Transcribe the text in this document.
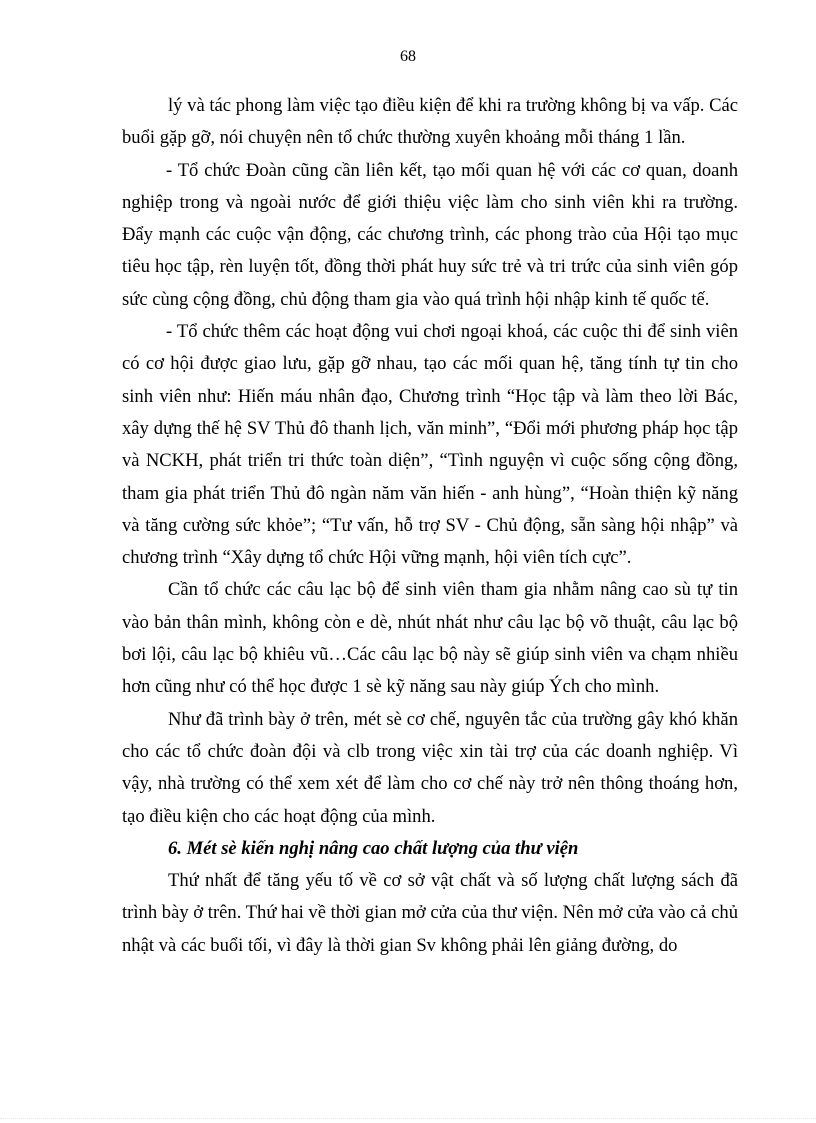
68

lý và tác phong làm việc tạo điều kiện để khi ra trường không bị va vấp. Các buổi gặp gỡ, nói chuyện nên tổ chức thường xuyên khoảng mỗi tháng 1 lần.

- Tổ chức Đoàn cũng cần liên kết, tạo mối quan hệ với các cơ quan, doanh nghiệp trong và ngoài nước để giới thiệu việc làm cho sinh viên khi ra trường. Đẩy mạnh các cuộc vận động, các chương trình, các phong trào của Hội tạo mục tiêu học tập, rèn luyện tốt, đồng thời phát huy sức trẻ và tri trức của sinh viên góp sức cùng cộng đồng, chủ động tham gia vào quá trình hội nhập kinh tế quốc tế.

- Tổ chức thêm các hoạt động vui chơi ngoại khoá, các cuộc thi để sinh viên có cơ hội được giao lưu, gặp gỡ nhau, tạo các mối quan hệ, tăng tính tự tin cho sinh viên như: Hiến máu nhân đạo, Chương trình “Học tập và làm theo lời Bác, xây dựng thế hệ SV Thủ đô thanh lịch, văn minh”, “Đổi mới phương pháp học tập và NCKH, phát triển tri thức toàn diện”, “Tình nguyện vì cuộc sống cộng đồng, tham gia phát triển Thủ đô ngàn năm văn hiến - anh hùng”, “Hoàn thiện kỹ năng và tăng cường sức khỏe”; “Tư vấn, hỗ trợ SV - Chủ động, sẵn sàng hội nhập” và chương trình “Xây dựng tổ chức Hội vững mạnh, hội viên tích cực”.

Cần tổ chức các câu lạc bộ để sinh viên tham gia nhằm nâng cao sù tự tin vào bản thân mình, không còn e dè, nhút nhát như câu lạc bộ võ thuật, câu lạc bộ bơi lội, câu lạc bộ khiêu vũ…Các câu lạc bộ này sẽ giúp sinh viên va chạm nhiều hơn cũng như có thể học được 1 sè kỹ năng sau này giúp Ých cho mình.

Như đã trình bày ở trên, mét sè cơ chế, nguyên tắc của trường gây khó khăn cho các tổ chức đoàn đội và clb trong việc xin tài trợ của các doanh nghiệp. Vì vậy, nhà trường có thể xem xét để làm cho cơ chế này trở nên thông thoáng hơn, tạo điều kiện cho các hoạt động của mình.

6. Mét sè kiến nghị nâng cao chất lượng của thư viện

Thứ nhất để tăng yếu tố về cơ sở vật chất và số lượng chất lượng sách đã trình bày ở trên. Thứ hai về thời gian mở cửa của thư viện. Nên mở cửa vào cả chủ nhật và các buổi tối, vì đây là thời gian Sv không phải lên giảng đường, do
